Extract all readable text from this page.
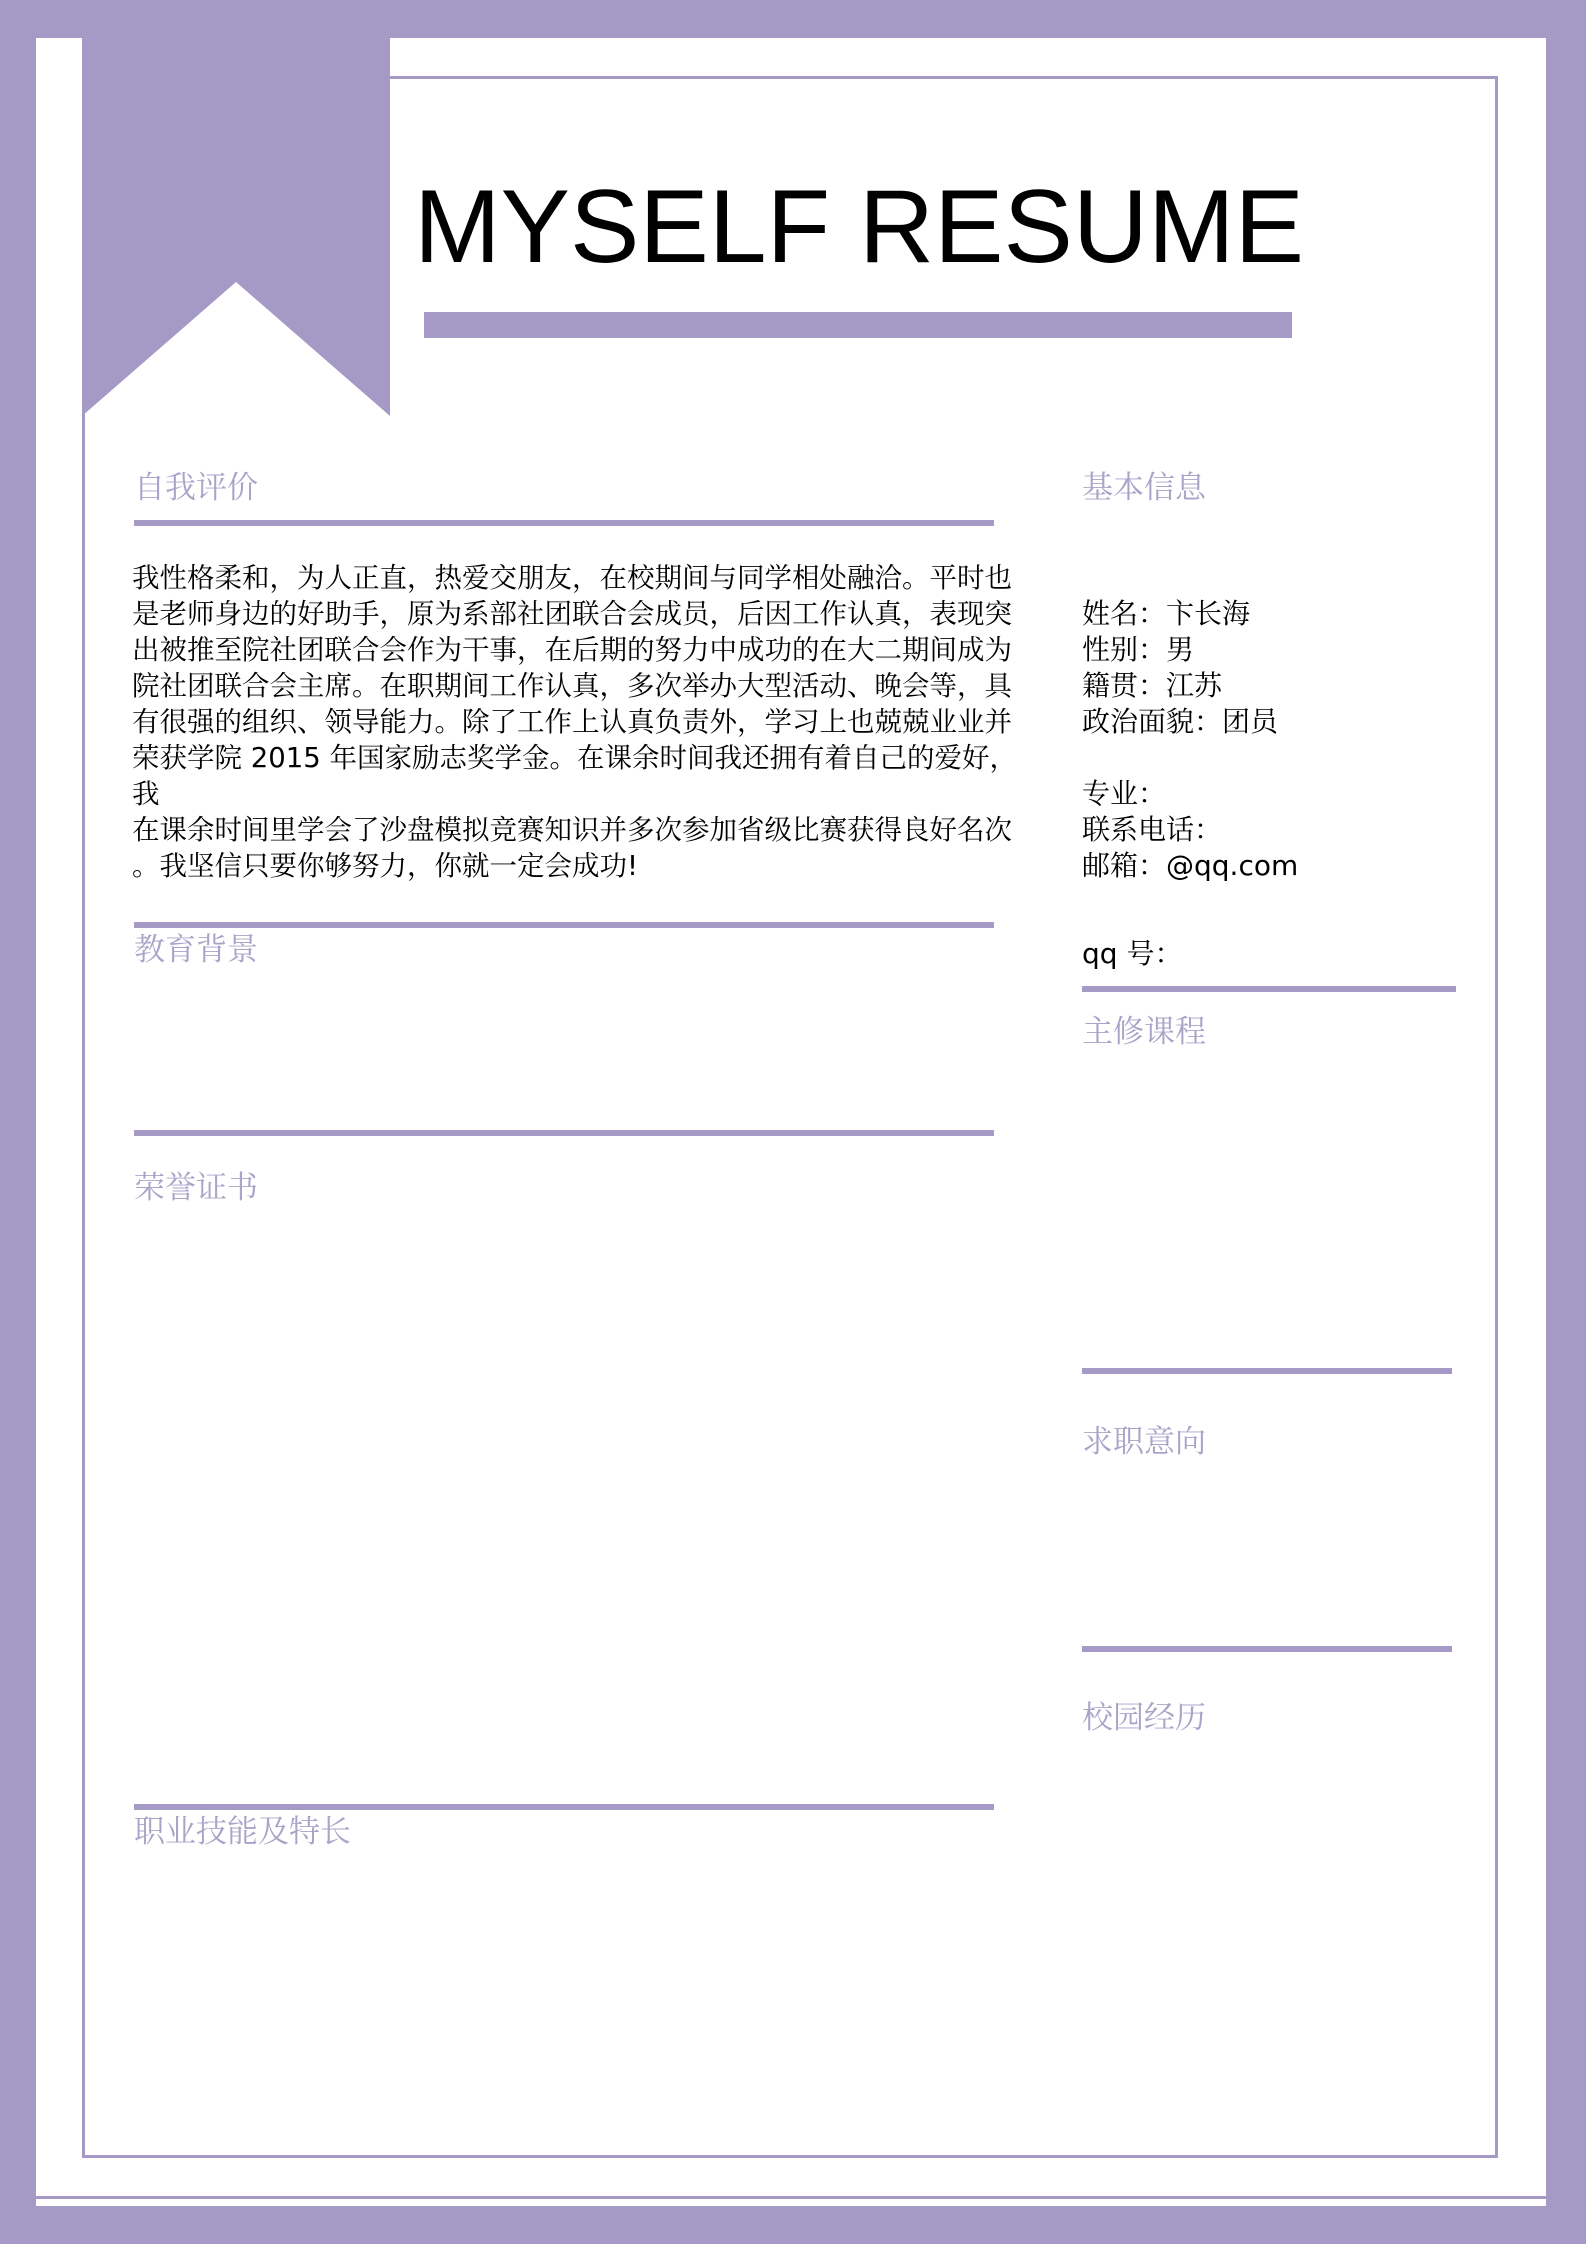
MYSELF RESUME
自我评价
我性格柔和，为人正直，热爱交朋友，在校期间与同学相处融洽。平时也
是老师身边的好助手，原为系部社团联合会成员，后因工作认真，表现突
出被推至院社团联合会作为干事，在后期的努力中成功的在大二期间成为
院社团联合会主席。在职期间工作认真，多次举办大型活动、晚会等，具
有很强的组织、领导能力。除了工作上认真负责外，学习上也兢兢业业并
荣获学院 2015 年国家励志奖学金。在课余时间我还拥有着自己的爱好，
我
在课余时间里学会了沙盘模拟竞赛知识并多次参加省级比赛获得良好名次
。我坚信只要你够努力，你就一定会成功!
教育背景
荣誉证书
职业技能及特长
基本信息
姓名：卞长海
性别：男
籍贯：江苏
政治面貌：团员
专业：
联系电话：
邮箱：@qq.com
qq 号：
主修课程
求职意向
校园经历
